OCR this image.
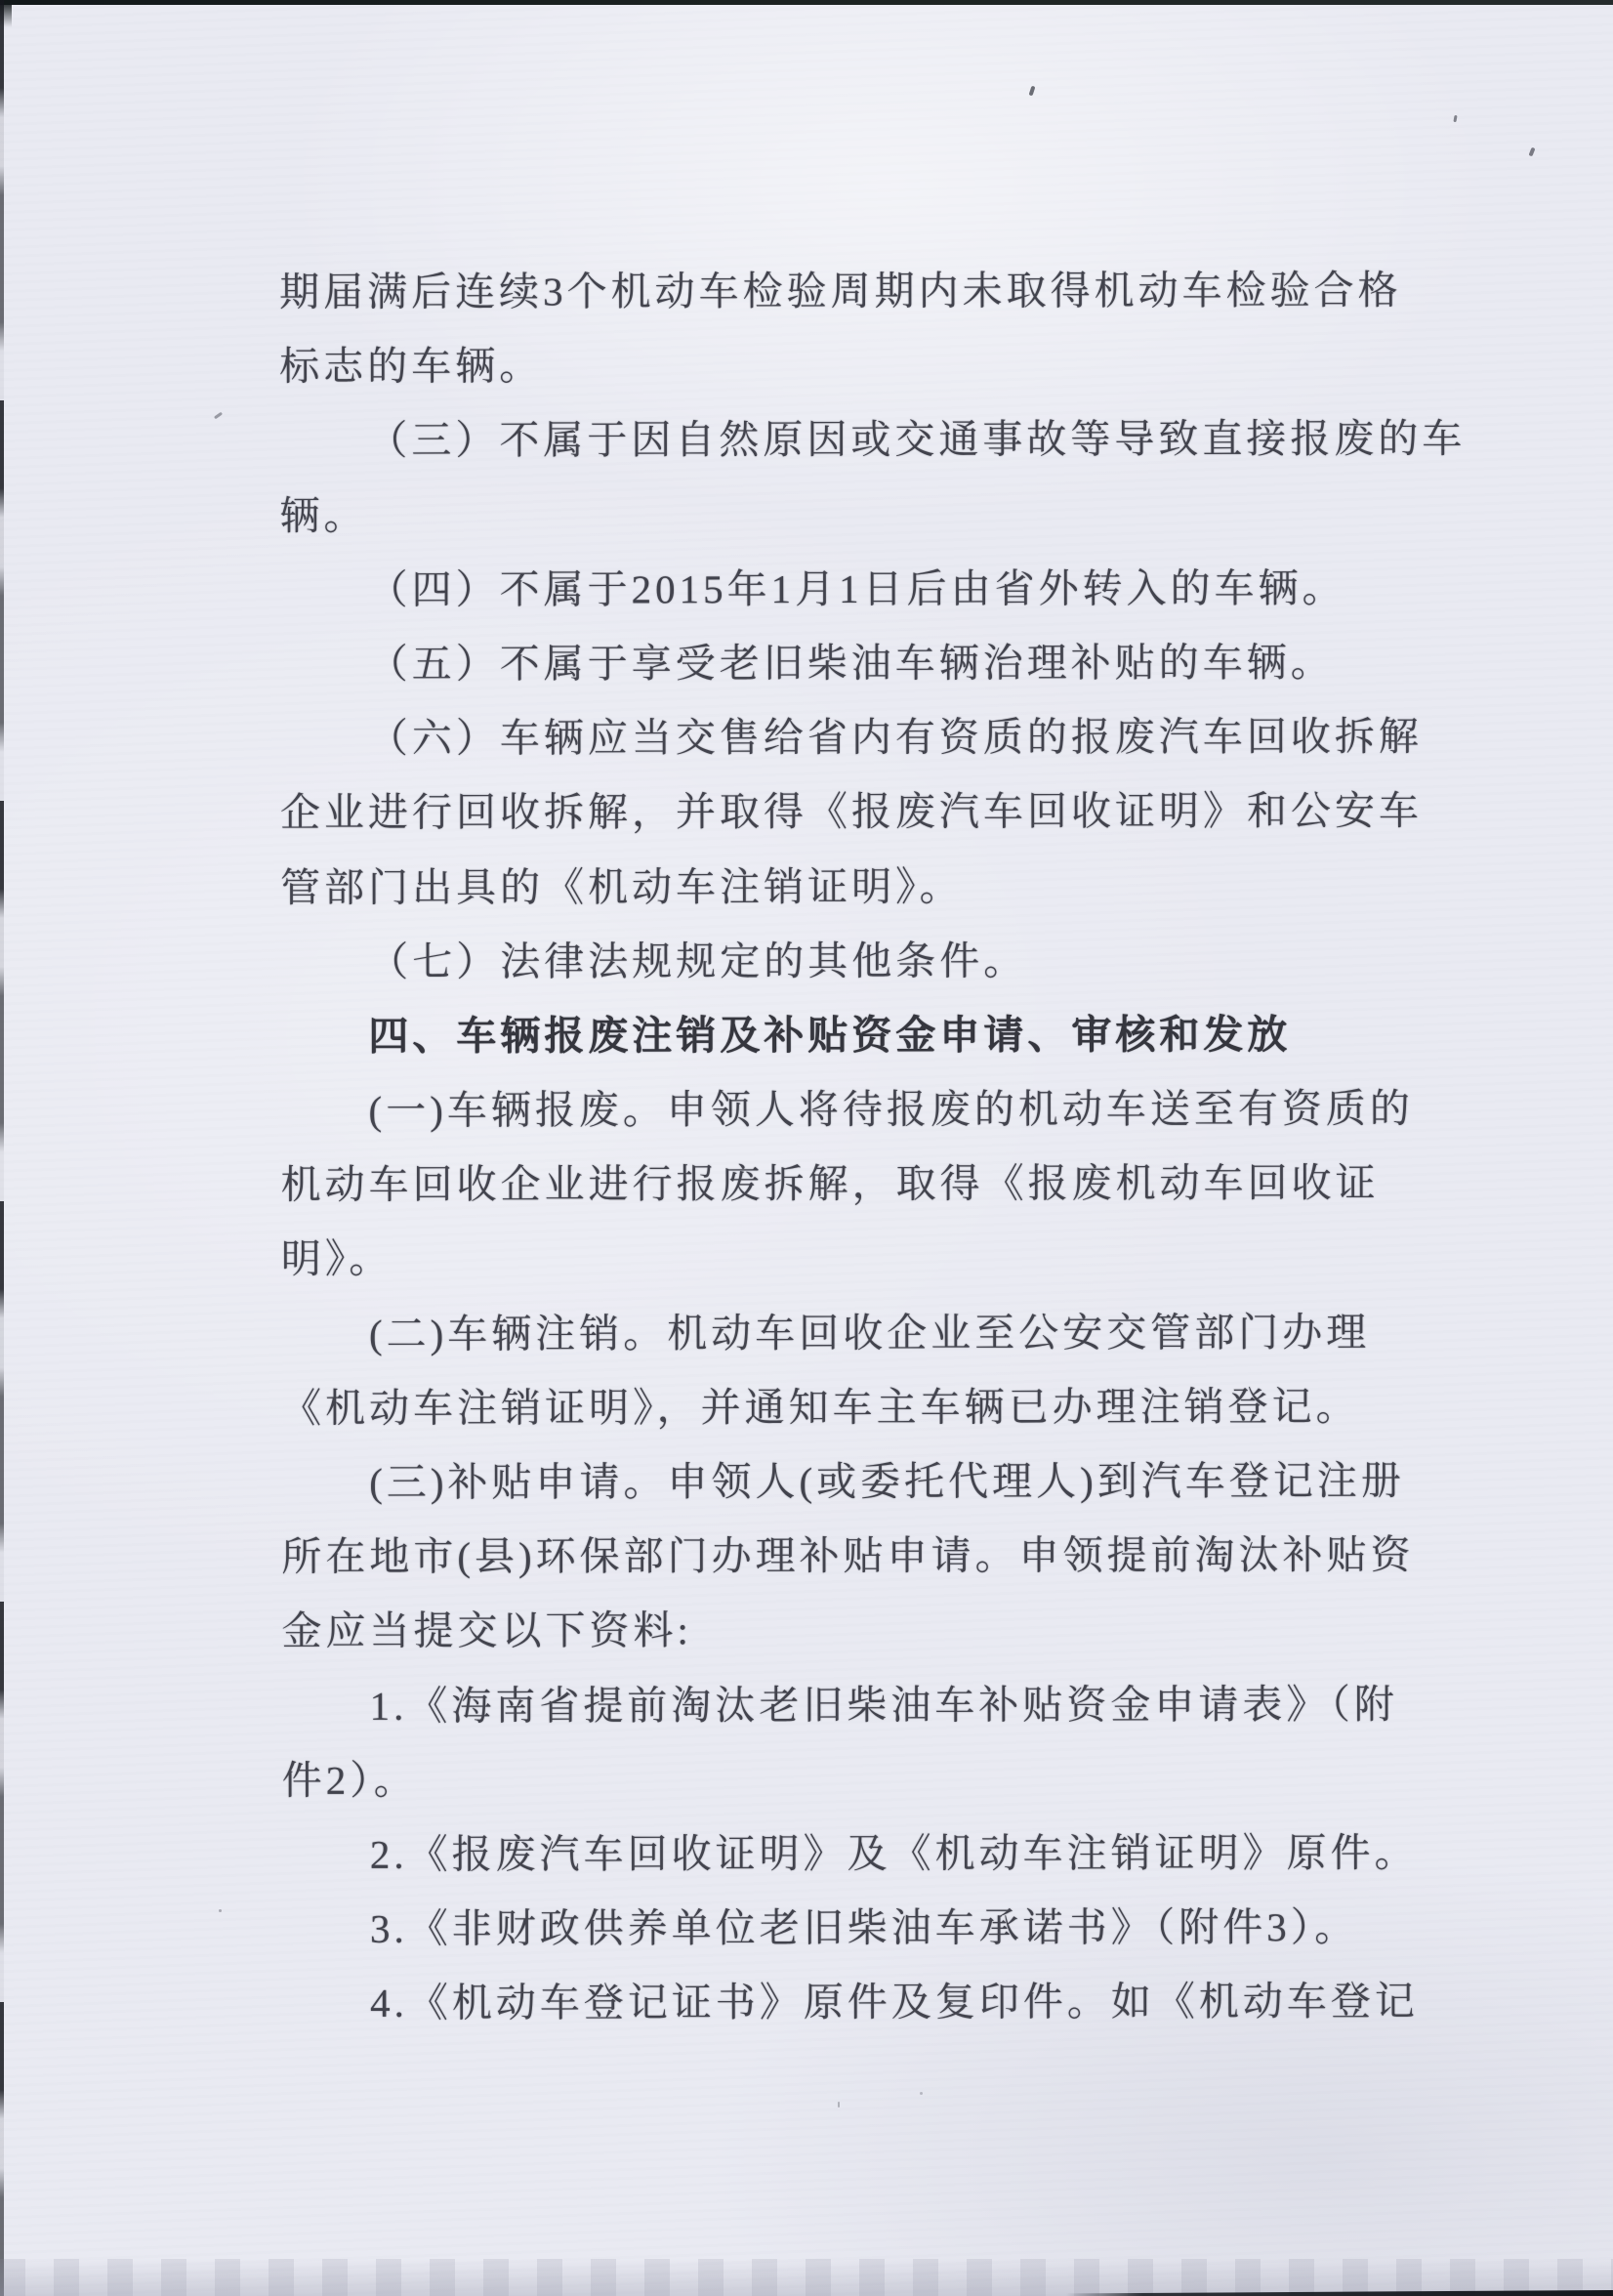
期届满后连续3个机动车检验周期内未取得机动车检验合格
标志的车辆。
（三）不属于因自然原因或交通事故等导致直接报废的车
辆。
（四）不属于2015年1月1日后由省外转入的车辆。
（五）不属于享受老旧柴油车辆治理补贴的车辆。
（六）车辆应当交售给省内有资质的报废汽车回收拆解
企业进行回收拆解，并取得《报废汽车回收证明》和公安车
管部门出具的《机动车注销证明》。
（七）法律法规规定的其他条件。
四、车辆报废注销及补贴资金申请、审核和发放
(一)车辆报废。申领人将待报废的机动车送至有资质的
机动车回收企业进行报废拆解，取得《报废机动车回收证
明》。
(二)车辆注销。机动车回收企业至公安交管部门办理
《机动车注销证明》，并通知车主车辆已办理注销登记。
(三)补贴申请。申领人(或委托代理人)到汽车登记注册
所在地市(县)环保部门办理补贴申请。申领提前淘汰补贴资
金应当提交以下资料:
1.《海南省提前淘汰老旧柴油车补贴资金申请表》（附
件2）。
2.《报废汽车回收证明》及《机动车注销证明》原件。
3.《非财政供养单位老旧柴油车承诺书》（附件3）。
4.《机动车登记证书》原件及复印件。如《机动车登记
